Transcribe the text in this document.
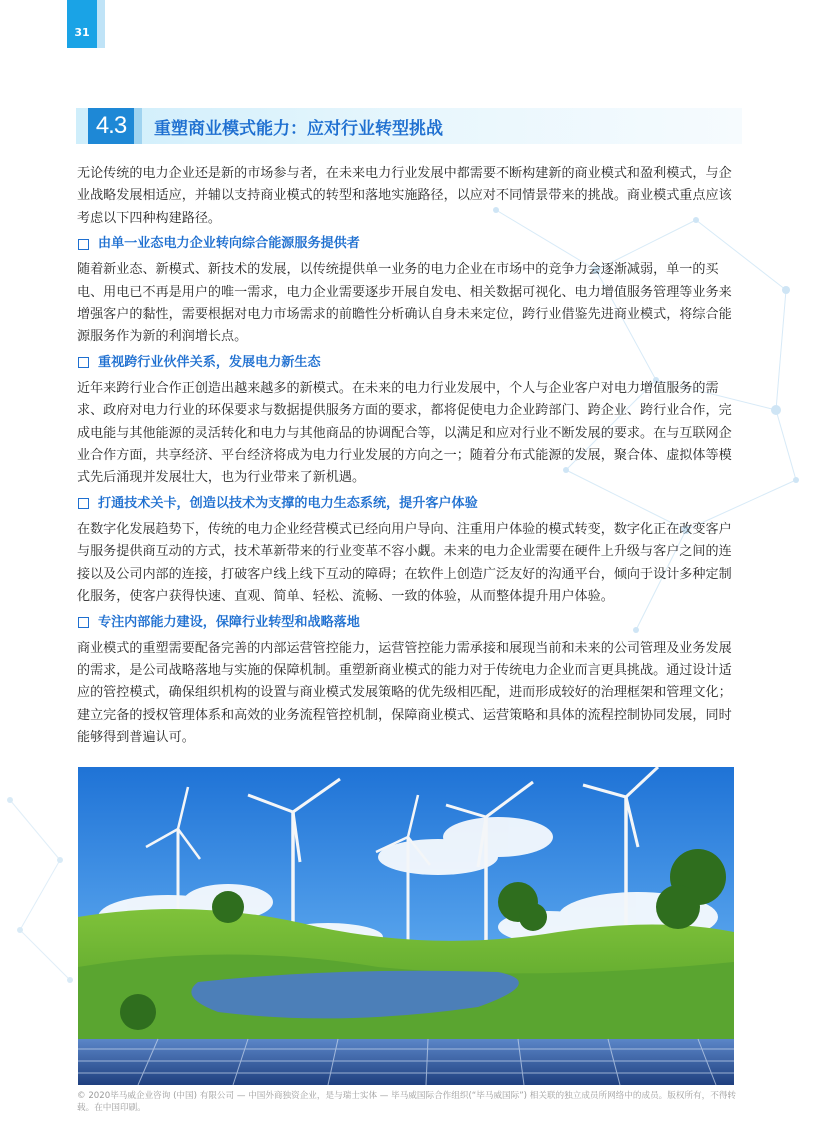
31
4.3	重塑商业模式能力：应对行业转型挑战

无论传统的电力企业还是新的市场参与者，在未来电力行业发展中都需要不断构建新的商业模式和盈利模式，与企业战略发展相适应，并辅以支持商业模式的转型和落地实施路径，以应对不同情景带来的挑战。商业模式重点应该考虑以下四种构建路径。

由单一业态电力企业转向综合能源服务提供者

随着新业态、新模式、新技术的发展，以传统提供单一业务的电力企业在市场中的竞争力会逐渐减弱，单一的买电、用电已不再是用户的唯一需求，电力企业需要逐步开展自发电、相关数据可视化、电力增值服务管理等业务来增强客户的黏性，需要根据对电力市场需求的前瞻性分析确认自身未来定位，跨行业借鉴先进商业模式，将综合能源服务作为新的利润增长点。

重视跨行业伙伴关系，发展电力新生态

近年来跨行业合作正创造出越来越多的新模式。在未来的电力行业发展中，个人与企业客户对电力增值服务的需求、政府对电力行业的环保要求与数据提供服务方面的要求，都将促使电力企业跨部门、跨企业、跨行业合作，完成电能与其他能源的灵活转化和电力与其他商品的协调配合等，以满足和应对行业不断发展的要求。在与互联网企业合作方面，共享经济、平台经济将成为电力行业发展的方向之一；随着分布式能源的发展，聚合体、虚拟体等模式先后涌现并发展壮大，也为行业带来了新机遇。

打通技术关卡，创造以技术为支撑的电力生态系统，提升客户体验

在数字化发展趋势下，传统的电力企业经营模式已经向用户导向、注重用户体验的模式转变，数字化正在改变客户与服务提供商互动的方式，技术革新带来的行业变革不容小觑。未来的电力企业需要在硬件上升级与客户之间的连接以及公司内部的连接，打破客户线上线下互动的障碍；在软件上创造广泛友好的沟通平台，倾向于设计多种定制化服务，使客户获得快速、直观、简单、轻松、流畅、一致的体验，从而整体提升用户体验。

专注内部能力建设，保障行业转型和战略落地

商业模式的重塑需要配备完善的内部运营管控能力，运营管控能力需承接和展现当前和未来的公司管理及业务发展的需求，是公司战略落地与实施的保障机制。重塑新商业模式的能力对于传统电力企业而言更具挑战。通过设计适应的管控模式，确保组织机构的设置与商业模式发展策略的优先级相匹配，进而形成较好的治理框架和管理文化；建立完备的授权管理体系和高效的业务流程管控机制，保障商业模式、运营策略和具体的流程控制协同发展，同时能够得到普遍认可。

© 2020毕马威企业咨询 (中国) 有限公司 — 中国外商独资企业，是与瑞士实体 — 毕马威国际合作组织(“毕马威国际”) 相关联的独立成员所网络中的成员。版权所有，不得转载。在中国印刷。
